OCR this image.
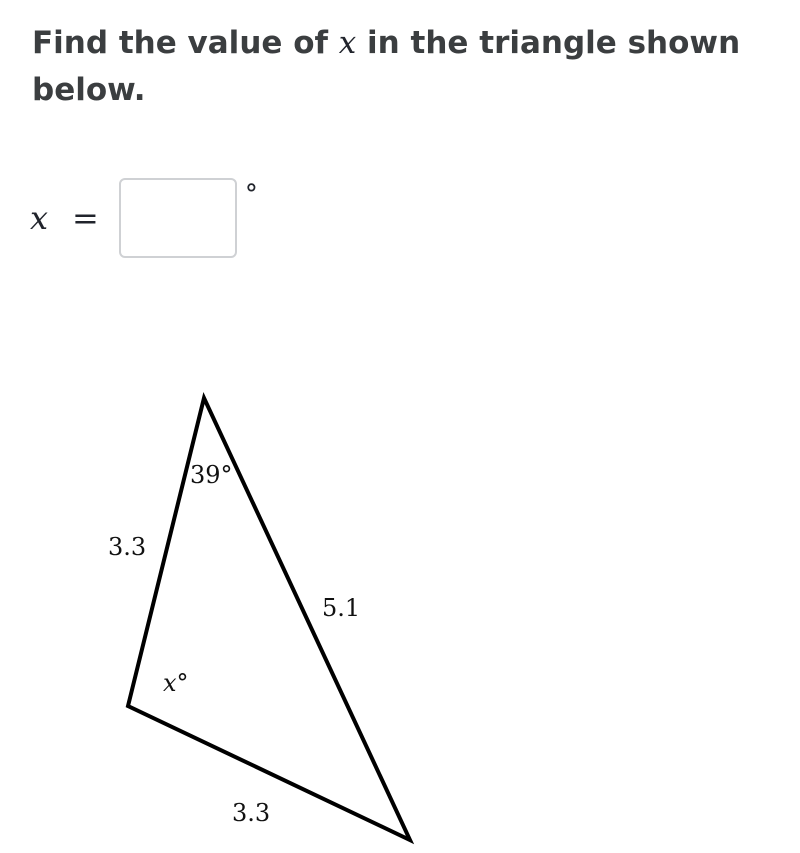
Find the value of x in the triangle shown below.
x =
°
39°
x°
3.3
5.1
3.3
